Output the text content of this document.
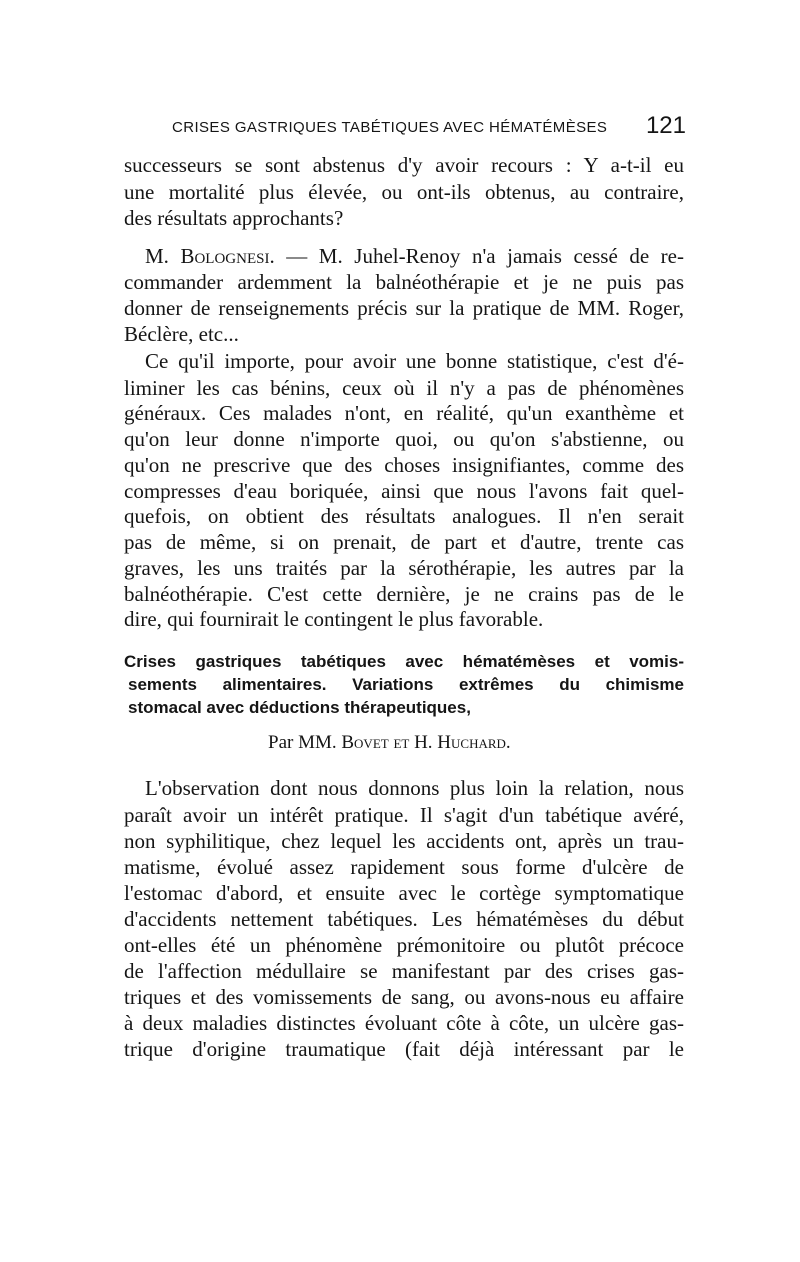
CRISES GASTRIQUES TABÉTIQUES AVEC HÉMATÉMÈSES 121
successeurs se sont abstenus d'y avoir recours : Y a-t-il eu
une mortalité plus élevée, ou ont-ils obtenus, au contraire,
des résultats approchants?
M. Bolognesi. — M. Juhel-Renoy n'a jamais cessé de re-
commander ardemment la balnéothérapie et je ne puis pas
donner de renseignements précis sur la pratique de MM. Roger,
Béclère, etc...
Ce qu'il importe, pour avoir une bonne statistique, c'est d'é-
liminer les cas bénins, ceux où il n'y a pas de phénomènes
généraux. Ces malades n'ont, en réalité, qu'un exanthème et
qu'on leur donne n'importe quoi, ou qu'on s'abstienne, ou
qu'on ne prescrive que des choses insignifiantes, comme des
compresses d'eau boriquée, ainsi que nous l'avons fait quel-
quefois, on obtient des résultats analogues. Il n'en serait
pas de même, si on prenait, de part et d'autre, trente cas
graves, les uns traités par la sérothérapie, les autres par la
balnéothérapie. C'est cette dernière, je ne crains pas de le
dire, qui fournirait le contingent le plus favorable.
Crises gastriques tabétiques avec hématémèses et vomis-
sements alimentaires. Variations extrêmes du chimisme
stomacal avec déductions thérapeutiques,
Par MM. Bovet et H. Huchard.
L'observation dont nous donnons plus loin la relation, nous
paraît avoir un intérêt pratique. Il s'agit d'un tabétique avéré,
non syphilitique, chez lequel les accidents ont, après un trau-
matisme, évolué assez rapidement sous forme d'ulcère de
l'estomac d'abord, et ensuite avec le cortège symptomatique
d'accidents nettement tabétiques. Les hématémèses du début
ont-elles été un phénomène prémonitoire ou plutôt précoce
de l'affection médullaire se manifestant par des crises gas-
triques et des vomissements de sang, ou avons-nous eu affaire
à deux maladies distinctes évoluant côte à côte, un ulcère gas-
trique d'origine traumatique (fait déjà intéressant par le
